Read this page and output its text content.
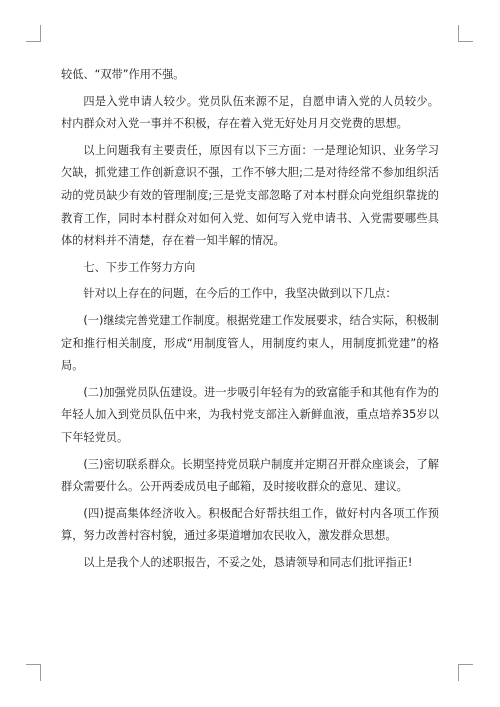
较低、“双带”作用不强。

四是入党申请人较少。党员队伍来源不足，自愿申请入党的人员较少。村内群众对入党一事并不积极，存在着入党无好处月月交党费的思想。

以上问题我有主要责任，原因有以下三方面：一是理论知识、业务学习欠缺，抓党建工作创新意识不强，工作不够大胆;二是对待经常不参加组织活动的党员缺少有效的管理制度;三是党支部忽略了对本村群众向党组织靠拢的教育工作，同时本村群众对如何入党、如何写入党申请书、入党需要哪些具体的材料并不清楚，存在着一知半解的情况。

七、下步工作努力方向

针对以上存在的问题，在今后的工作中，我坚决做到以下几点：

(一)继续完善党建工作制度。根据党建工作发展要求，结合实际，积极制定和推行相关制度，形成“用制度管人，用制度约束人，用制度抓党建”的格局。

(二)加强党员队伍建设。进一步吸引年轻有为的致富能手和其他有作为的年轻人加入到党员队伍中来，为我村党支部注入新鲜血液，重点培养35岁以下年轻党员。

(三)密切联系群众。长期坚持党员联户制度并定期召开群众座谈会，了解群众需要什么。公开两委成员电子邮箱，及时接收群众的意见、建议。

(四)提高集体经济收入。积极配合好帮扶组工作，做好村内各项工作预算，努力改善村容村貌，通过多渠道增加农民收入，激发群众思想。

以上是我个人的述职报告，不妥之处，恳请领导和同志们批评指正!
